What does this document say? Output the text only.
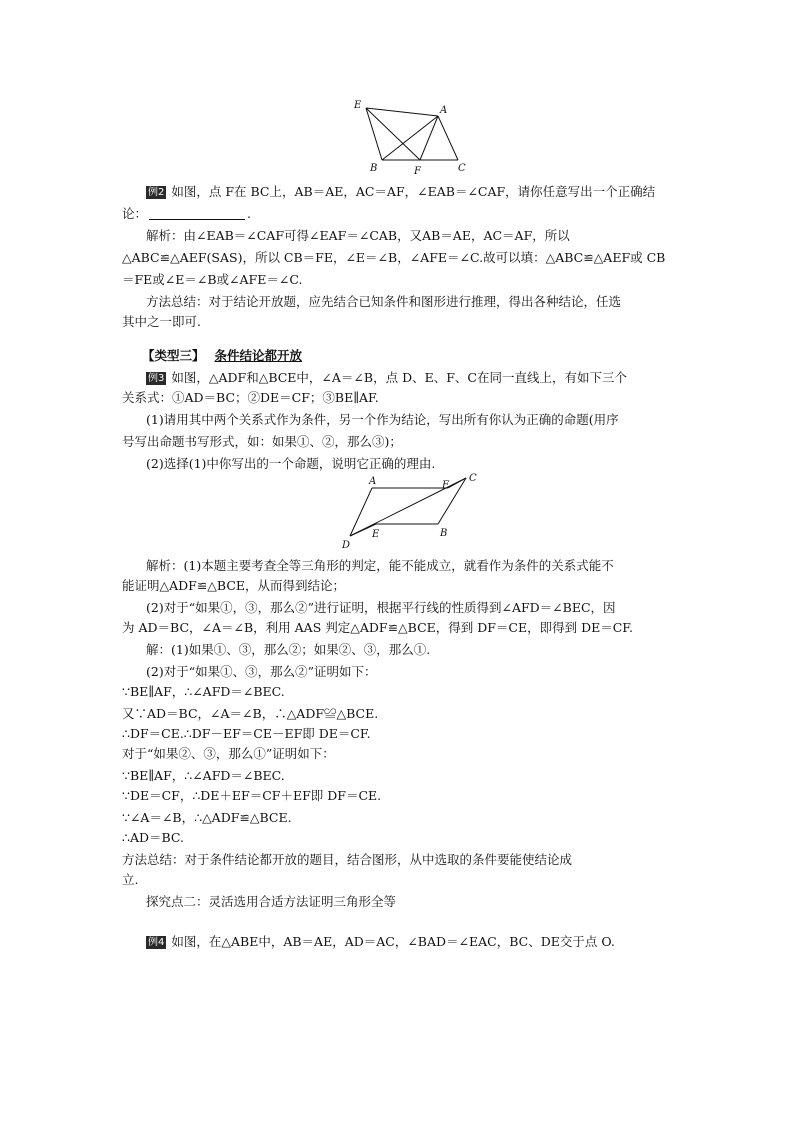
E	A
B	F	C
例2 如图，点 F在 BC上，AB＝AE，AC＝AF，∠EAB＝∠CAF，请你任意写出一个正确结
论：	.
解析：由∠EAB＝∠CAF可得∠EAF＝∠CAB，又AB＝AE，AC＝AF，所以
△ABC≌△AEF(SAS)，所以 CB＝FE，∠E＝∠B，∠AFE＝∠C.故可以填：△ABC≌△AEF或 CB
＝FE或∠E＝∠B或∠AFE＝∠C.
方法总结：对于结论开放题，应先结合已知条件和图形进行推理，得出各种结论，任选
其中之一即可.
【类型三】 条件结论都开放
例3 如图，△ADF和△BCE中，∠A＝∠B，点 D、E、F、C在同一直线上，有如下三个
关系式：①AD＝BC；②DE＝CF；③BE∥AF.
(1)请用其中两个关系式作为条件，另一个作为结论，写出所有你认为正确的命题(用序
号写出命题书写形式，如：如果①、②，那么③)；
(2)选择(1)中你写出的一个命题，说明它正确的理由.
A	F
C
E	B
D
解析：(1)本题主要考查全等三角形的判定，能不能成立，就看作为条件的关系式能不
能证明△ADF≌△BCE，从而得到结论；
(2)对于“如果①，③，那么②”进行证明，根据平行线的性质得到∠AFD＝∠BEC，因
为 AD＝BC，∠A＝∠B，利用 AAS 判定△ADF≌△BCE，得到 DF＝CE，即得到 DE＝CF.
解：(1)如果①、③，那么②；如果②、③，那么①.
(2)对于“如果①、③，那么②”证明如下：
∵BE∥AF，∴∠AFD＝∠BEC.
又∵AD＝BC，∠A＝∠B，∴△ADF≌△BCE.
∴DF＝CE.∴DF－EF＝CE－EF即 DE＝CF.
对于“如果②、③，那么①”证明如下：
∵BE∥AF，∴∠AFD＝∠BEC.
∵DE＝CF，∴DE＋EF＝CF＋EF即 DF＝CE.
∵∠A＝∠B，∴△ADF≌△BCE.
∴AD＝BC.
方法总结：对于条件结论都开放的题目，结合图形，从中选取的条件要能使结论成
立.
探究点二：灵活选用合适方法证明三角形全等
例4 如图，在△ABE中，AB＝AE，AD＝AC，∠BAD＝∠EAC，BC、DE交于点 O.
